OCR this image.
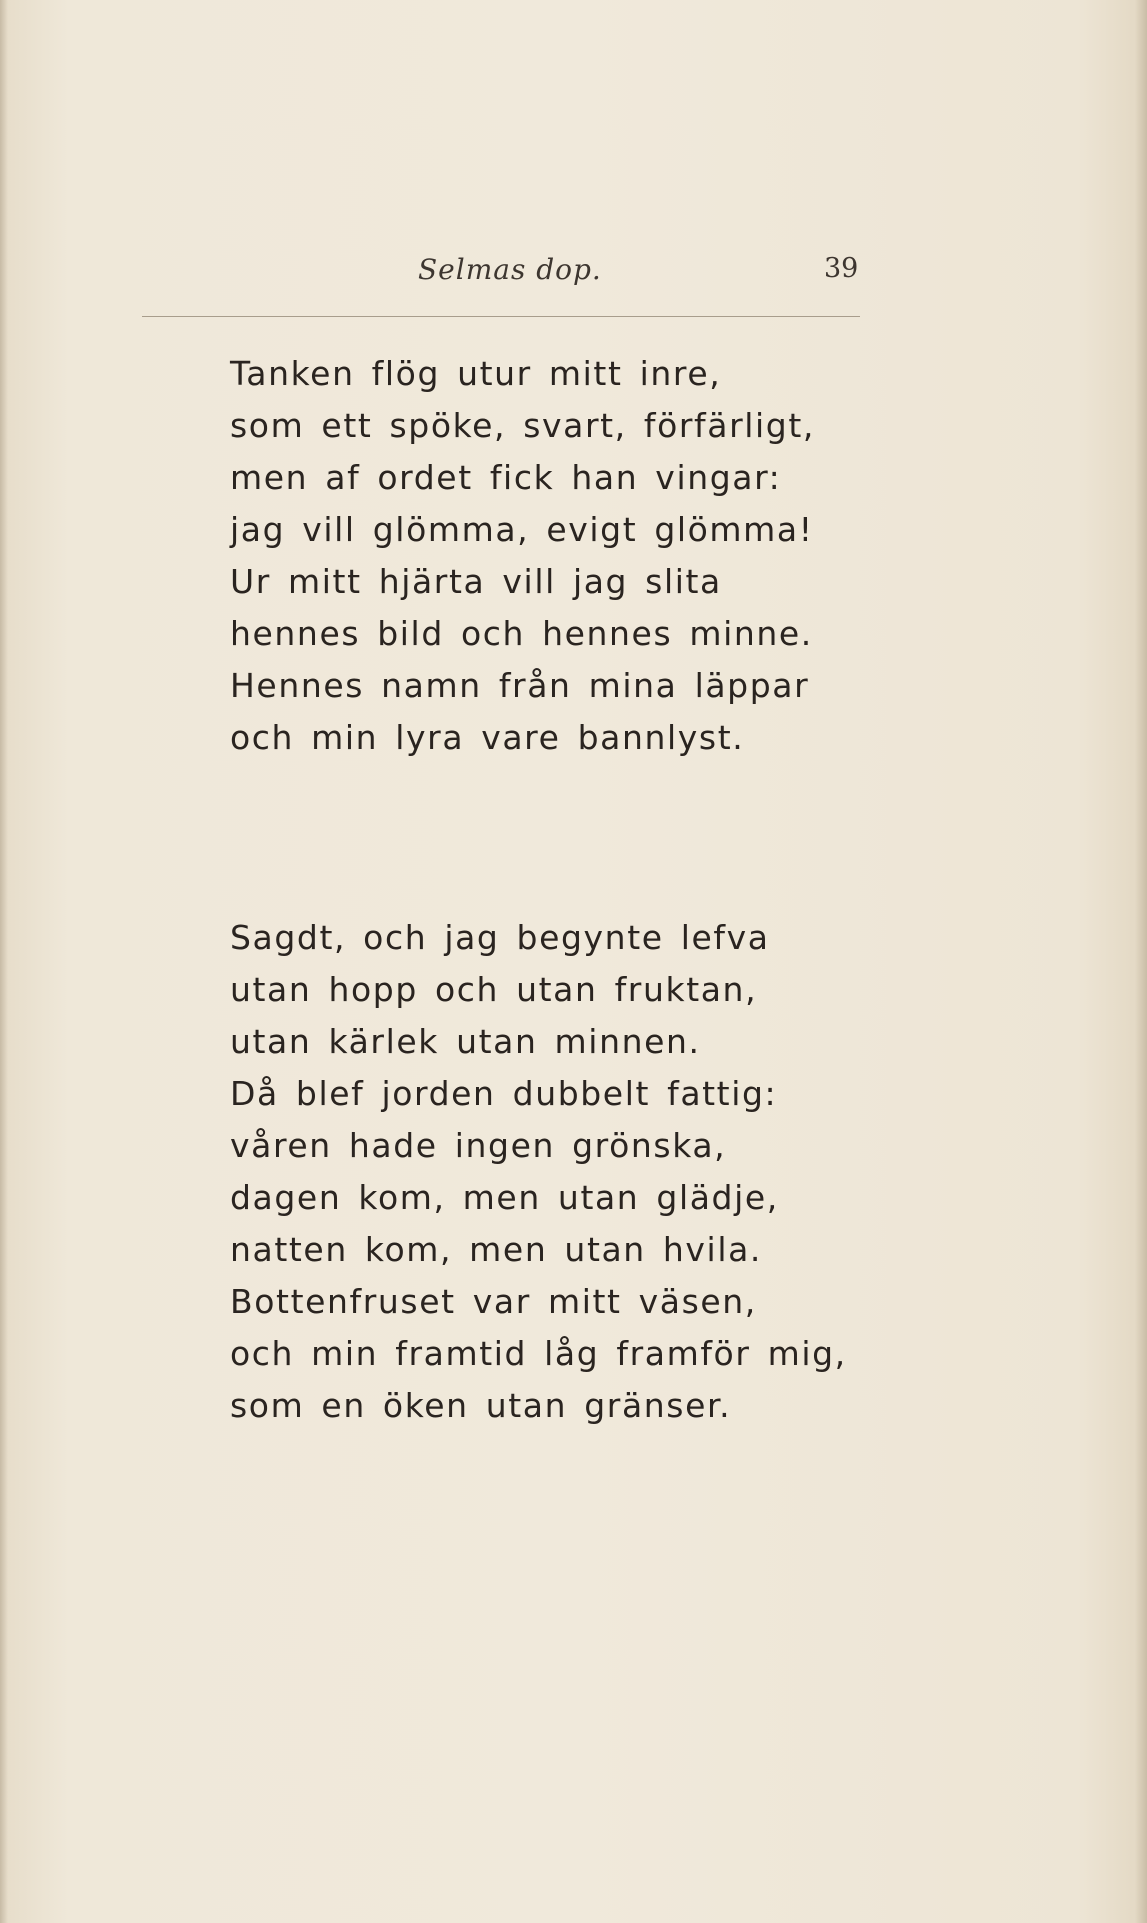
Selmas dop.	39
Tanken flög utur mitt inre,
som ett spöke, svart, förfärligt,
men af ordet fick han vingar:
jag vill glömma, evigt glömma!
Ur mitt hjärta vill jag slita
hennes bild och hennes minne.
Hennes namn från mina läppar
och min lyra vare bannlyst.
Sagdt, och jag begynte lefva
utan hopp och utan fruktan,
utan kärlek utan minnen.
Då blef jorden dubbelt fattig:
våren hade ingen grönska,
dagen kom, men utan glädje,
natten kom, men utan hvila.
Bottenfruset var mitt väsen,
och min framtid låg framför mig,
som en öken utan gränser.
